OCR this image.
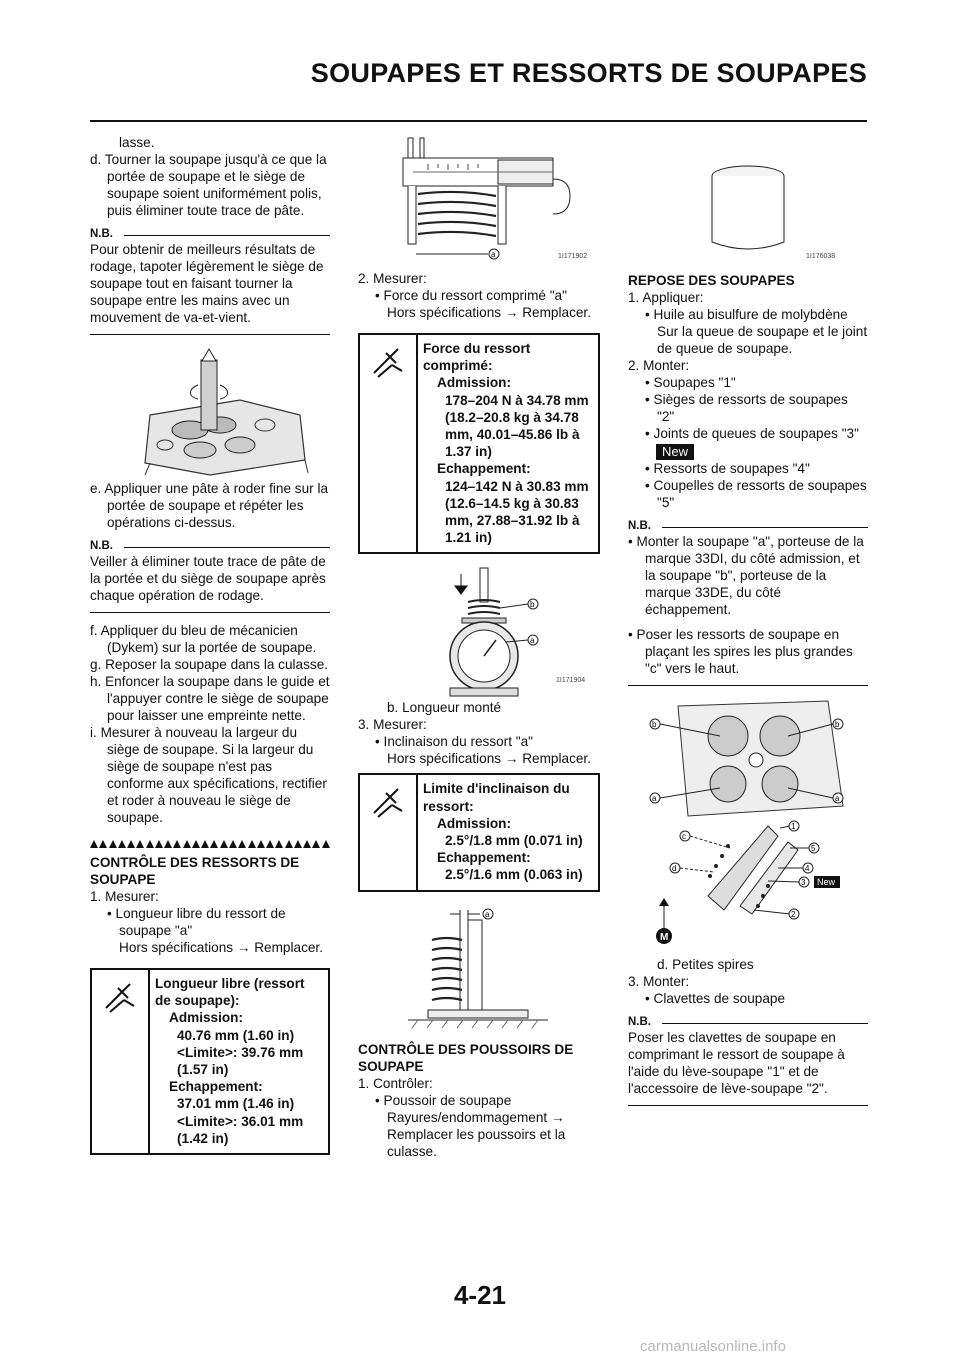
SOUPAPES ET RESSORTS DE SOUPAPES

lasse.

d. Tourner la soupape jusqu'à ce que la portée de soupape et le siège de soupape soient uniformément polis, puis éliminer toute trace de pâte.

N.B.

Pour obtenir de meilleurs résultats de rodage, tapoter légèrement le siège de soupape tout en faisant tourner la soupape entre les mains avec un mouvement de va-et-vient.

e. Appliquer une pâte à roder fine sur la portée de soupape et répéter les opérations ci-dessus.

N.B.

Veiller à éliminer toute trace de pâte de la portée et du siège de soupape après chaque opération de rodage.

f. Appliquer du bleu de mécanicien (Dykem) sur la portée de soupape.

g. Reposer la soupape dans la culasse.

h. Enfoncer la soupape dans le guide et l'appuyer contre le siège de soupape pour laisser une empreinte nette.

i. Mesurer à nouveau la largeur du siège de soupape. Si la largeur du siège de soupape n'est pas conforme aux spécifications, rectifier et roder à nouveau le siège de soupape.

CONTRÔLE DES RESSORTS DE SOUPAPE

1. Mesurer:

• Longueur libre du ressort de soupape "a"

Hors spécifications → Remplacer.

Longueur libre (ressort de soupape):
Admission:
40.76 mm (1.60 in)
<Limite>: 39.76 mm (1.57 in)
Echappement:
37.01 mm (1.46 in)
<Limite>: 36.01 mm (1.42 in)
a	1I171902

2. Mesurer:

• Force du ressort comprimé "a"

Hors spécifications → Remplacer.

Force du ressort comprimé:
Admission:
178–204 N à 34.78 mm (18.2–20.8 kg à 34.78 mm, 40.01–45.86 lb à 1.37 in)
Echappement:
124–142 N à 30.83 mm (12.6–14.5 kg à 30.83 mm, 27.88–31.92 lb à 1.21 in)
b
a
1I171904

b. Longueur monté

3. Mesurer:

• Inclinaison du ressort "a"

Hors spécifications → Remplacer.

Limite d'inclinaison du ressort:
Admission:
2.5°/1.8 mm (0.071 in)
Echappement:
2.5°/1.6 mm (0.063 in)
a

CONTRÔLE DES POUSSOIRS DE SOUPAPE

1. Contrôler:

• Poussoir de soupape

Rayures/endommagement → Remplacer les poussoirs et la culasse.

1I176038

REPOSE DES SOUPAPES

1. Appliquer:

• Huile au bisulfure de molybdène

Sur la queue de soupape et le joint de queue de soupape.

2. Monter:

• Soupapes "1"

• Sièges de ressorts de soupapes "2"

• Joints de queues de soupapes "3"

New

• Ressorts de soupapes "4"

• Coupelles de ressorts de soupapes "5"

N.B.

• Monter la soupape "a", porteuse de la marque 33DI, du côté admission, et la soupape "b", porteuse de la marque 33DE, du côté échappement.

• Poser les ressorts de soupape en plaçant les spires les plus grandes "c" vers le haut.

b	b
a	a
c
d
1
5
4
3 New
2
M

d. Petites spires

3. Monter:

• Clavettes de soupape

N.B.

Poser les clavettes de soupape en comprimant le ressort de soupape à l'aide du lève-soupape "1" et de l'accessoire de lève-soupape "2".

4-21
carmanualsonline.info
